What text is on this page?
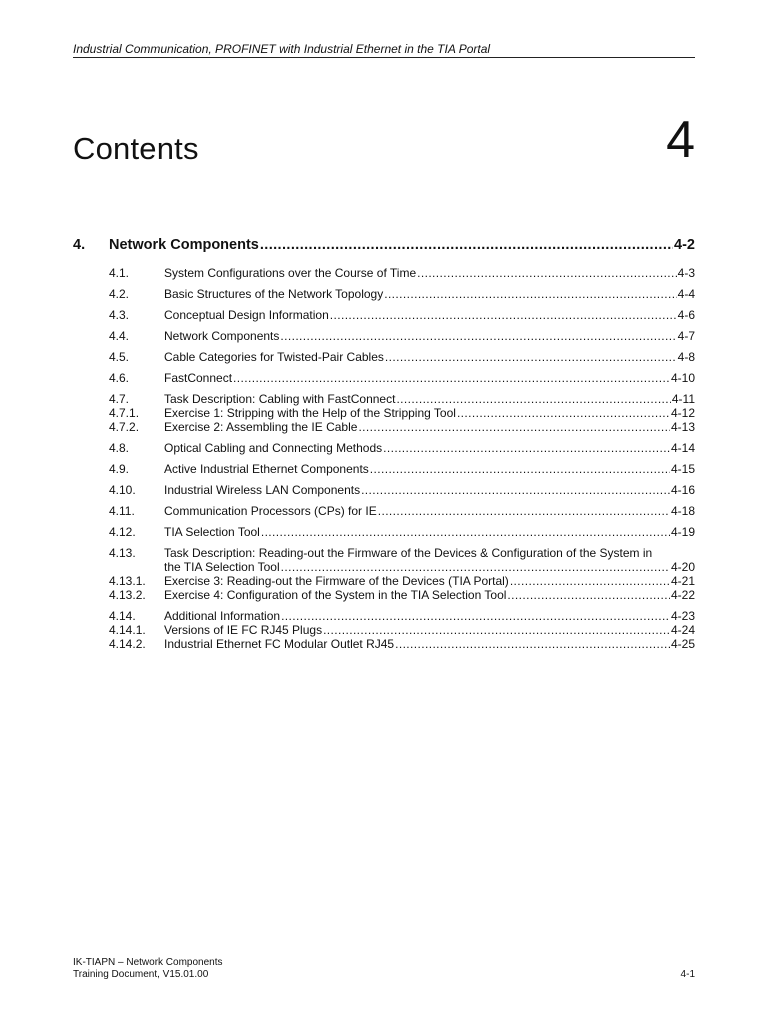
Industrial Communication, PROFINET with Industrial Ethernet in the TIA Portal
Contents	4
4.	Network Components .....	4-2
4.1.	System Configurations over the Course of Time .....	4-3
4.2.	Basic Structures of the Network Topology .....	4-4
4.3.	Conceptual Design Information .....	4-6
4.4.	Network Components .....	4-7
4.5.	Cable Categories for Twisted-Pair Cables .....	4-8
4.6.	FastConnect .....	4-10
4.7.	Task Description: Cabling with FastConnect .....	4-11
4.7.1.	Exercise 1: Stripping with the Help of the Stripping Tool .....	4-12
4.7.2.	Exercise 2: Assembling the IE Cable .....	4-13
4.8.	Optical Cabling and Connecting Methods .....	4-14
4.9.	Active Industrial Ethernet Components .....	4-15
4.10.	Industrial Wireless LAN Components .....	4-16
4.11.	Communication Processors (CPs) for IE .....	4-18
4.12.	TIA Selection Tool .....	4-19
4.13.	Task Description: Reading-out the Firmware of the Devices & Configuration of the System in
the TIA Selection Tool .....	4-20
4.13.1.	Exercise 3: Reading-out the Firmware of the Devices (TIA Portal) .....	4-21
4.13.2.	Exercise 4: Configuration of the System in the TIA Selection Tool .....	4-22
4.14.	Additional Information .....	4-23
4.14.1.	Versions of IE FC RJ45 Plugs .....	4-24
4.14.2.	Industrial Ethernet FC Modular Outlet RJ45 .....	4-25
IK-TIAPN – Network Components
Training Document, V15.01.00	4-1
